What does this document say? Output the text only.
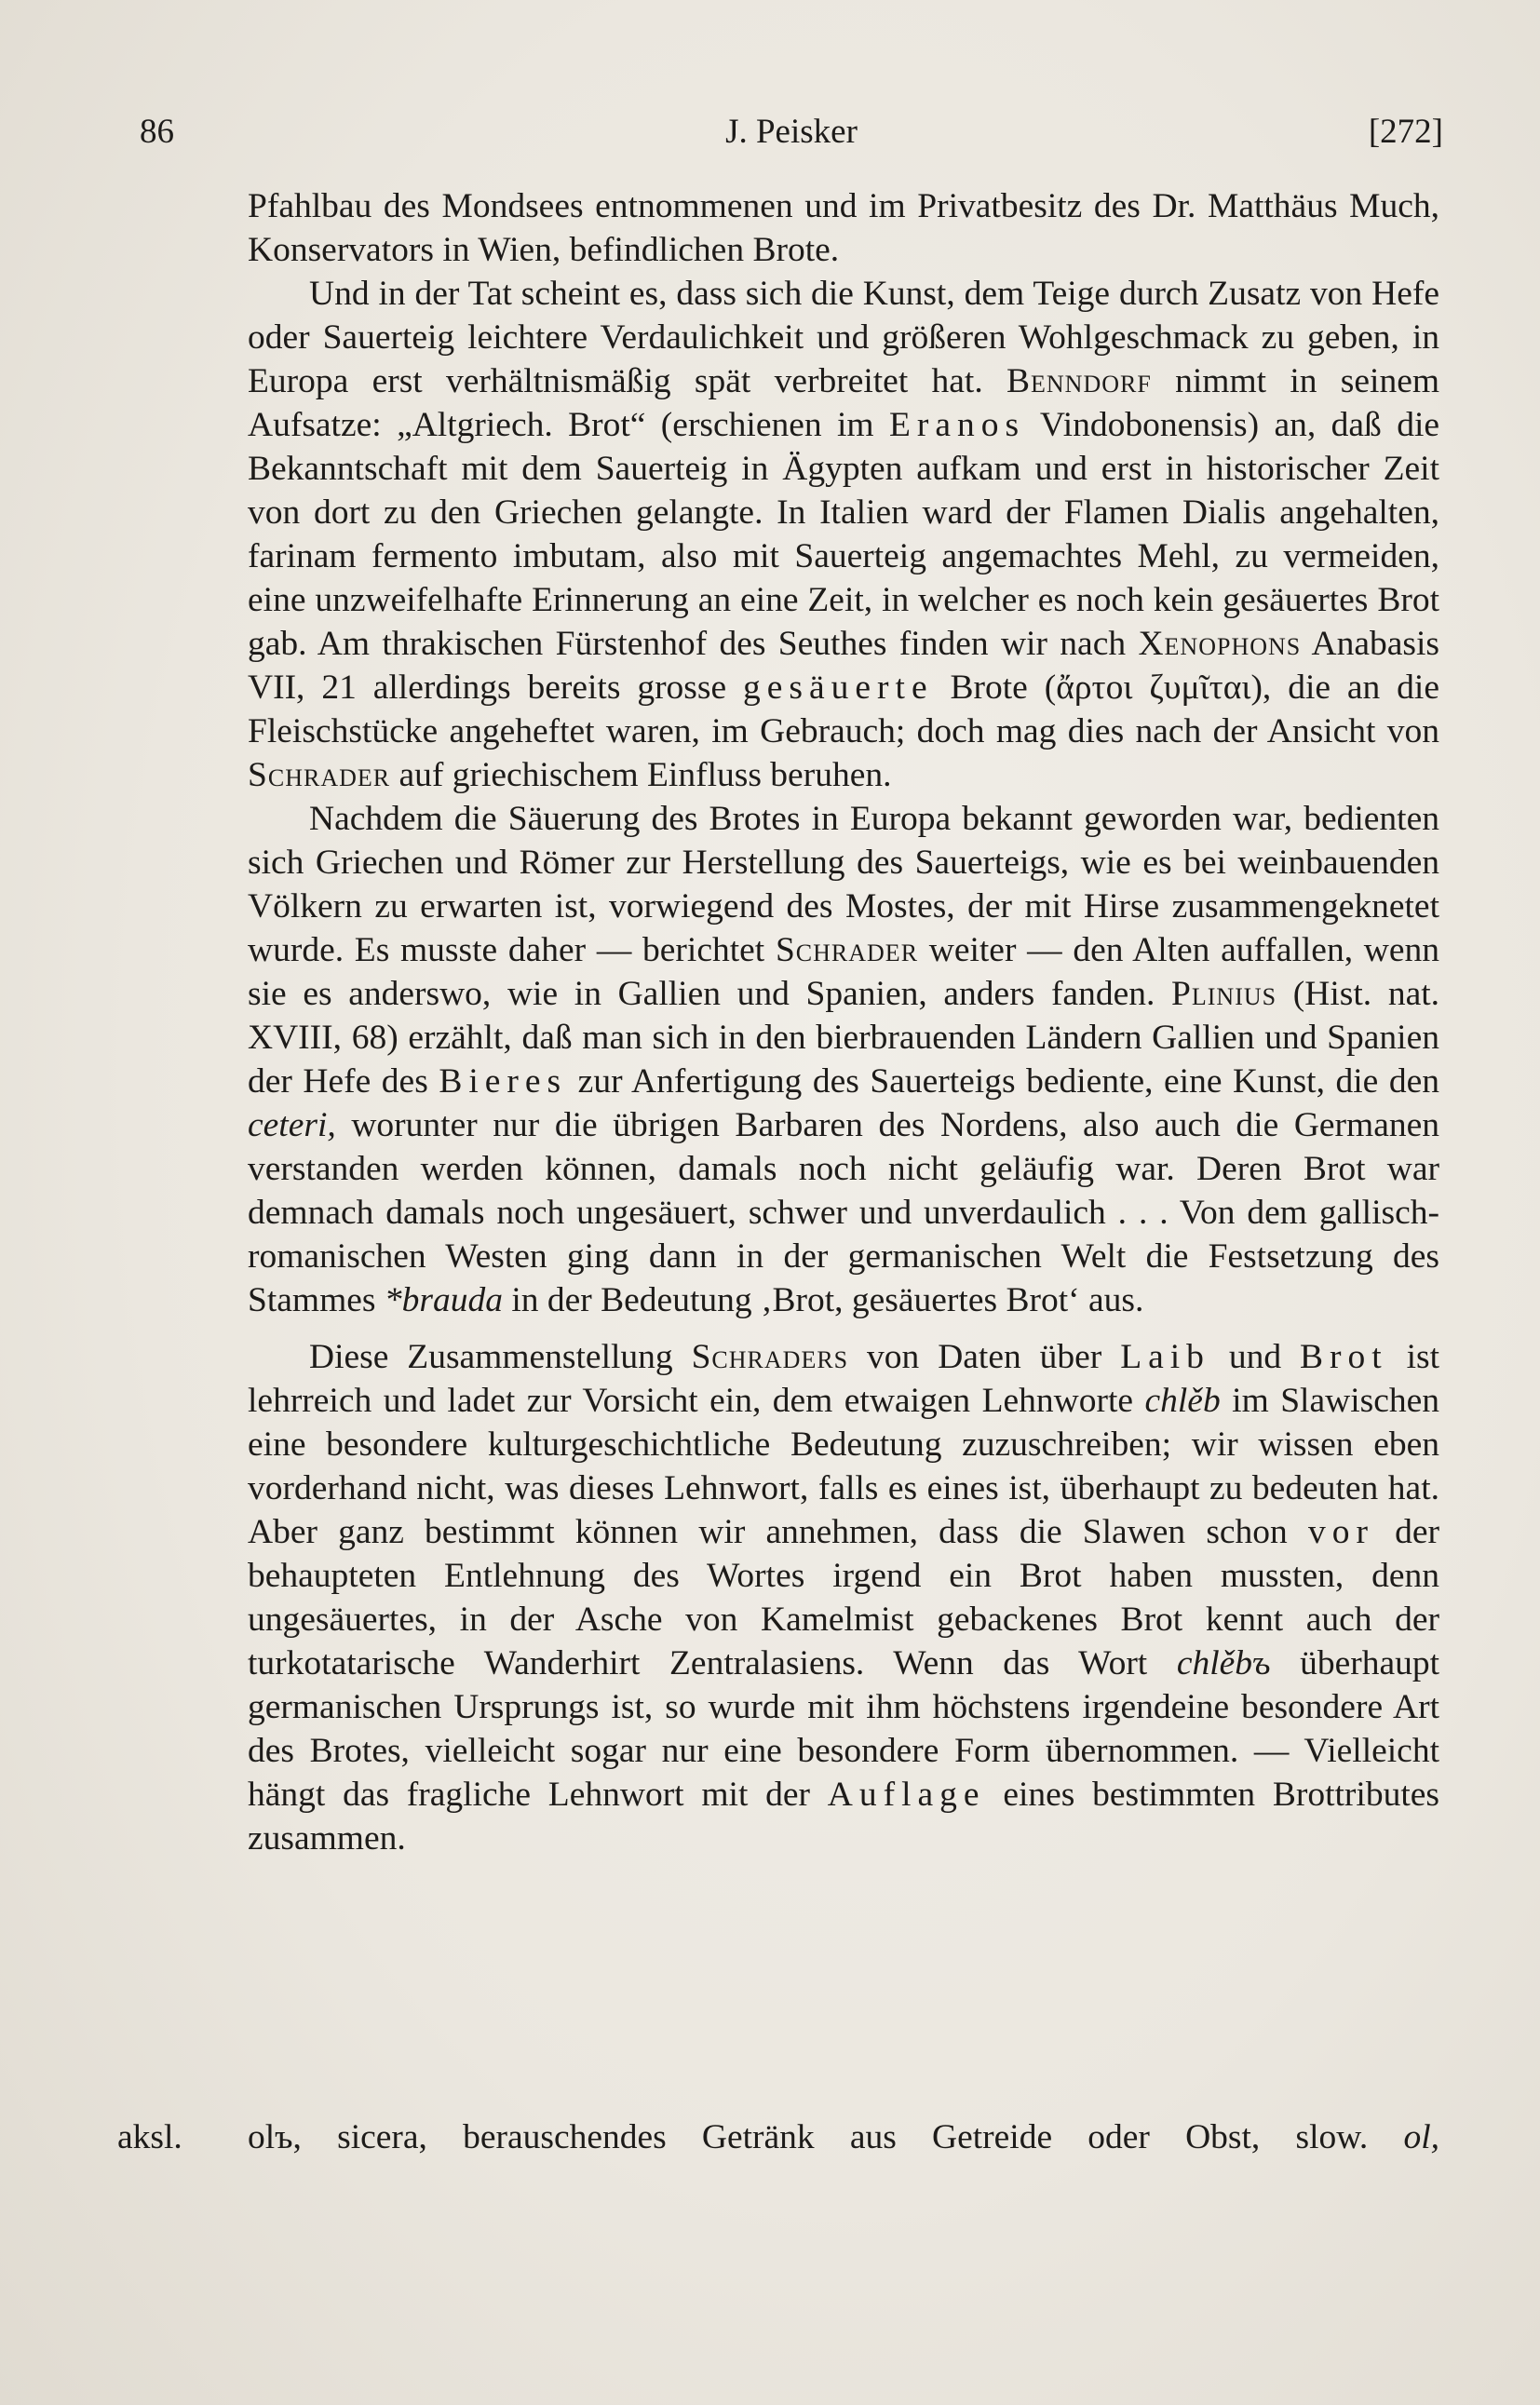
86	J. Peisker	[272]

Pfahlbau des Mondsees entnommenen und im Privatbesitz des Dr. Matthäus Much, Konservators in Wien, befindlichen Brote.

Und in der Tat scheint es, dass sich die Kunst, dem Teige durch Zusatz von Hefe oder Sauerteig leichtere Verdaulichkeit und größeren Wohlgeschmack zu geben, in Europa erst verhältnismäßig spät verbreitet hat. Benndorf nimmt in seinem Aufsatze: „Altgriech. Brot“ (erschienen im Eranos Vindobonensis) an, daß die Bekanntschaft mit dem Sauerteig in Ägypten aufkam und erst in historischer Zeit von dort zu den Griechen gelangte. In Italien ward der Flamen Dialis angehalten, farinam fermento imbutam, also mit Sauerteig angemachtes Mehl, zu vermeiden, eine unzweifelhafte Erinnerung an eine Zeit, in welcher es noch kein gesäuertes Brot gab. Am thrakischen Fürstenhof des Seuthes finden wir nach Xenophons Anabasis VII, 21 allerdings bereits grosse gesäuerte Brote (ἄρτοι ζυμῖται), die an die Fleischstücke angeheftet waren, im Gebrauch; doch mag dies nach der Ansicht von Schrader auf griechischem Einfluss beruhen.

Nachdem die Säuerung des Brotes in Europa bekannt geworden war, bedienten sich Griechen und Römer zur Herstellung des Sauerteigs, wie es bei weinbauenden Völkern zu erwarten ist, vorwiegend des Mostes, der mit Hirse zusammengeknetet wurde. Es musste daher — berichtet Schrader weiter — den Alten auffallen, wenn sie es anderswo, wie in Gallien und Spanien, anders fanden. Plinius (Hist. nat. XVIII, 68) erzählt, daß man sich in den bierbrauenden Ländern Gallien und Spanien der Hefe des Bieres zur Anfertigung des Sauerteigs bediente, eine Kunst, die den ceteri, worunter nur die übrigen Barbaren des Nordens, also auch die Germanen verstanden werden können, damals noch nicht geläufig war. Deren Brot war demnach damals noch ungesäuert, schwer und unverdaulich . . . Von dem gallisch-romanischen Westen ging dann in der germanischen Welt die Festsetzung des Stammes *brauda in der Bedeutung ‚Brot, gesäuertes Brot‘ aus.

Diese Zusammenstellung Schraders von Daten über Laib und Brot ist lehrreich und ladet zur Vorsicht ein, dem etwaigen Lehnworte chlěb im Slawischen eine besondere kulturgeschichtliche Bedeutung zuzuschreiben; wir wissen eben vorderhand nicht, was dieses Lehnwort, falls es eines ist, überhaupt zu bedeuten hat. Aber ganz bestimmt können wir annehmen, dass die Slawen schon vor der behaupteten Entlehnung des Wortes irgend ein Brot haben mussten, denn ungesäuertes, in der Asche von Kamelmist gebackenes Brot kennt auch der turkotatarische Wanderhirt Zentralasiens. Wenn das Wort chlěbъ überhaupt germanischen Ursprungs ist, so wurde mit ihm höchstens irgendeine besondere Art des Brotes, vielleicht sogar nur eine besondere Form übernommen. — Vielleicht hängt das fragliche Lehnwort mit der Auflage eines bestimmten Brottributes zusammen.

aksl. olъ, sicera, berauschendes Getränk aus Getreide oder Obst, slow. ol,
